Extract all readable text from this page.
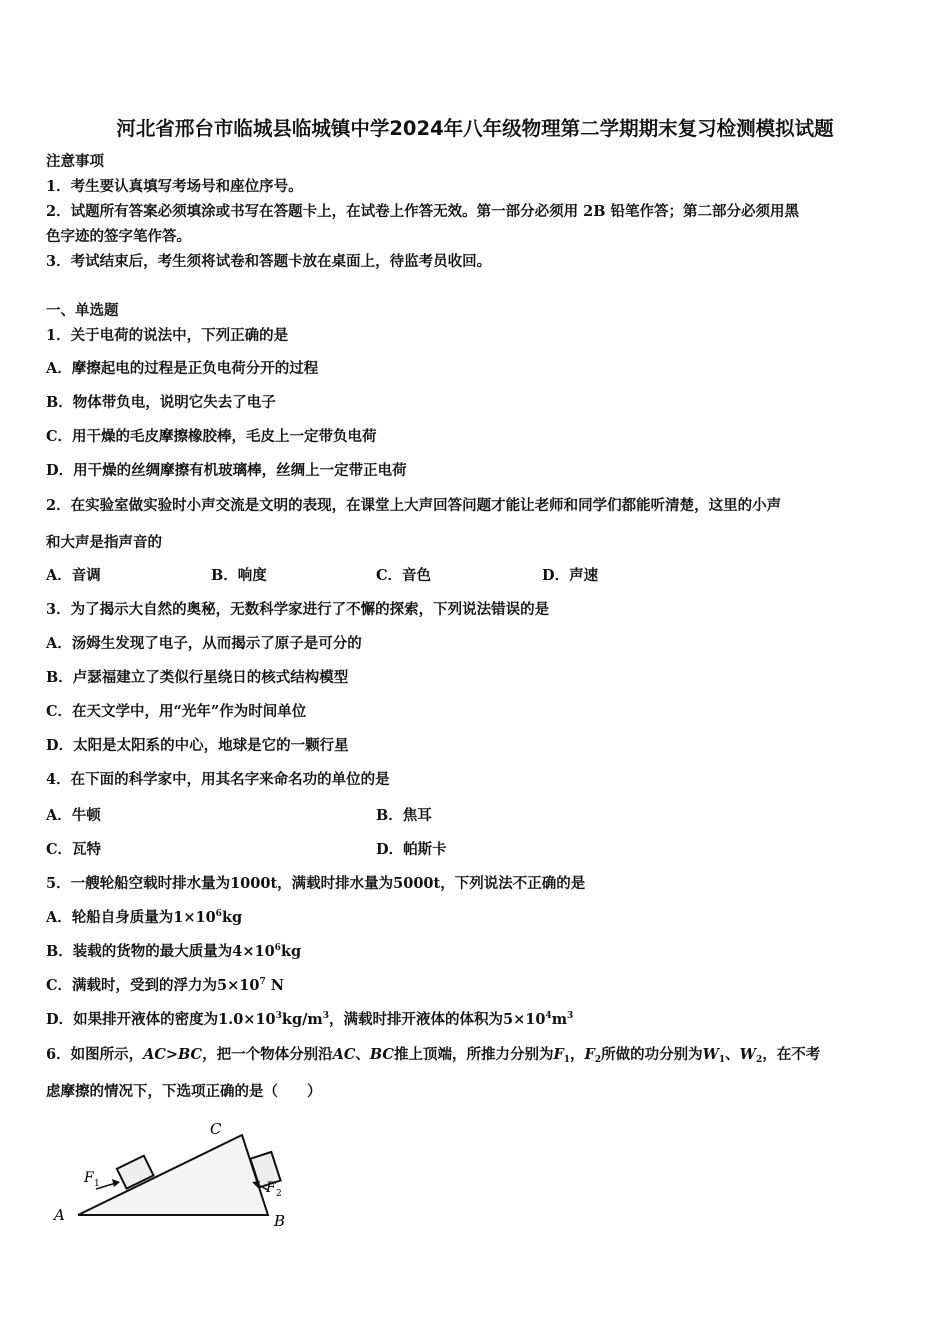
河北省邢台市临城县临城镇中学2024年八年级物理第二学期期末复习检测模拟试题
注意事项
1．考生要认真填写考场号和座位序号。
2．试题所有答案必须填涂或书写在答题卡上，在试卷上作答无效。第一部分必须用 2B 铅笔作答；第二部分必须用黑
色字迹的签字笔作答。
3．考试结束后，考生须将试卷和答题卡放在桌面上，待监考员收回。
一、单选题
1．关于电荷的说法中，下列正确的是
A．摩擦起电的过程是正负电荷分开的过程
B．物体带负电，说明它失去了电子
C．用干燥的毛皮摩擦橡胶棒，毛皮上一定带负电荷
D．用干燥的丝绸摩擦有机玻璃棒，丝绸上一定带正电荷
2．在实验室做实验时小声交流是文明的表现，在课堂上大声回答问题才能让老师和同学们都能听清楚，这里的小声
和大声是指声音的
A．音调	B．响度	C．音色	D．声速
3．为了揭示大自然的奥秘，无数科学家进行了不懈的探索，下列说法错误的是
A．汤姆生发现了电子，从而揭示了原子是可分的
B．卢瑟福建立了类似行星绕日的核式结构模型
C．在天文学中，用“光年”作为时间单位
D．太阳是太阳系的中心，地球是它的一颗行星
4．在下面的科学家中，用其名字来命名功的单位的是
A．牛顿	B．焦耳
C．瓦特	D．帕斯卡
5．一艘轮船空载时排水量为1000t，满载时排水量为5000t，下列说法不正确的是
A．轮船自身质量为$1\times 10^6kg$
B．装载的货物的最大质量为$4\times 10^6kg$
C．满载时，受到的浮力为$5\times 10^7$ N
D．如果排开液体的密度为$1.0\times 10^3kg/m^3$，满载时排开液体的体积为$5\times 10^4m^3$
6．如图所示，AC>BC，把一个物体分别沿AC、BC推上顶端，所推力分别为$F_1$，$F_2$所做的功分别为$W_1$、$W_2$，在不考
虑摩擦的情况下，下选项正确的是（　　）
A	B
C
F 1	F 2
